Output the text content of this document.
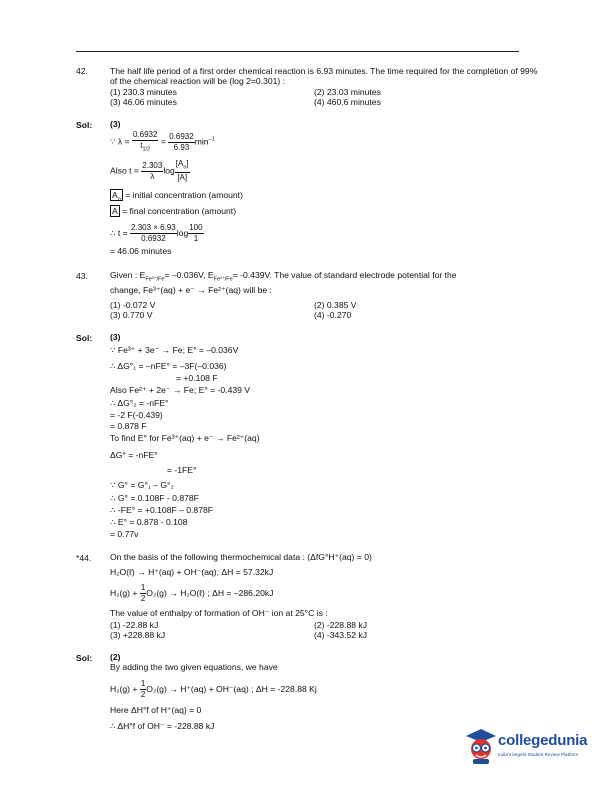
42.	The half life period of a first order chemical reaction is 6.93 minutes. The time required for the completion of 99% of the chemical reaction will be (log 2=0.301) :
(1) 230.3 minutes	(2) 23.03 minutes
(3) 46.06 minutes	(4) 460.6 minutes
Sol: (3)
∵ $\lambda = \frac{0.6932}{t_{1/2}} = \frac{0.6932}{6.93} \min^{-1}$
Also $t = \frac{2.303}{\lambda}$ $\log \frac{[A_o]}{[A]}$
$A_o$ = initial concentration (amount)
A = final concentration (amount)
∴ $t = \frac{2.303 \times 6.93}{0.6932}$ $\log \frac{100}{1}$
= 46.06 minutes
43.	Given : $E_{Fe^{3+}/Fe}= -0.036V$, $E_{Fe^{2+}/Fe}= -0.439V$. The value of standard electrode potential for the
change, Fe³⁺(aq) + e⁻ → Fe²⁺(aq) will be :
(1) -0.072 V	(2) 0.385 V
(3) 0.770 V	(4) -0.270
Sol: (3)
∵ Fe³⁺ + 3e⁻ → Fe; E° = –0.036V
∴ ΔG°₁ = –nFE° = –3F(–0.036)
= +0.108 F
Also Fe²⁺ + 2e⁻ → Fe; E° = -0.439 V
∴ ΔG°₂ = -nFE°
= -2 F(-0.439)
= 0.878 F
To find E° for Fe³⁺(aq) + e⁻ → Fe²⁺(aq)
ΔG° = -nFE°
= -1FE°
∵ G° = G°₁ – G°₂
∴ G° = 0.108F - 0.878F
∴ -FE° = +0.108F – 0.878F
∴ E° = 0.878 - 0.108
= 0.77v
*44. On the basis of the following thermochemical data : (ΔfG°H⁺(aq) = 0)
H₂O(ℓ) → H⁺(aq) + OH⁻(aq); ΔH = 57.32kJ
$H_2(g) + \frac{1}{2} O_2(g)$ → H₂O(ℓ) ; ΔH = –286.20kJ
The value of enthalpy of formation of OH⁻ ion at 25°C is :
(1) -22.88 kJ	(2) -228.88 kJ
(3) +228.88 kJ	(4) -343.52 kJ
Sol: (2)
By adding the two given equations, we have
$H_2(g) + \frac{1}{2} O_2(g) \to H^+(aq) + OH^-(aq)$ ; ΔH = -228.88 Kj
Here ΔH°f of H⁺(aq) = 0
∴ ΔH°f of OH⁻ = -228.88 kJ
collegedunia
India's largest Student Review Platform
